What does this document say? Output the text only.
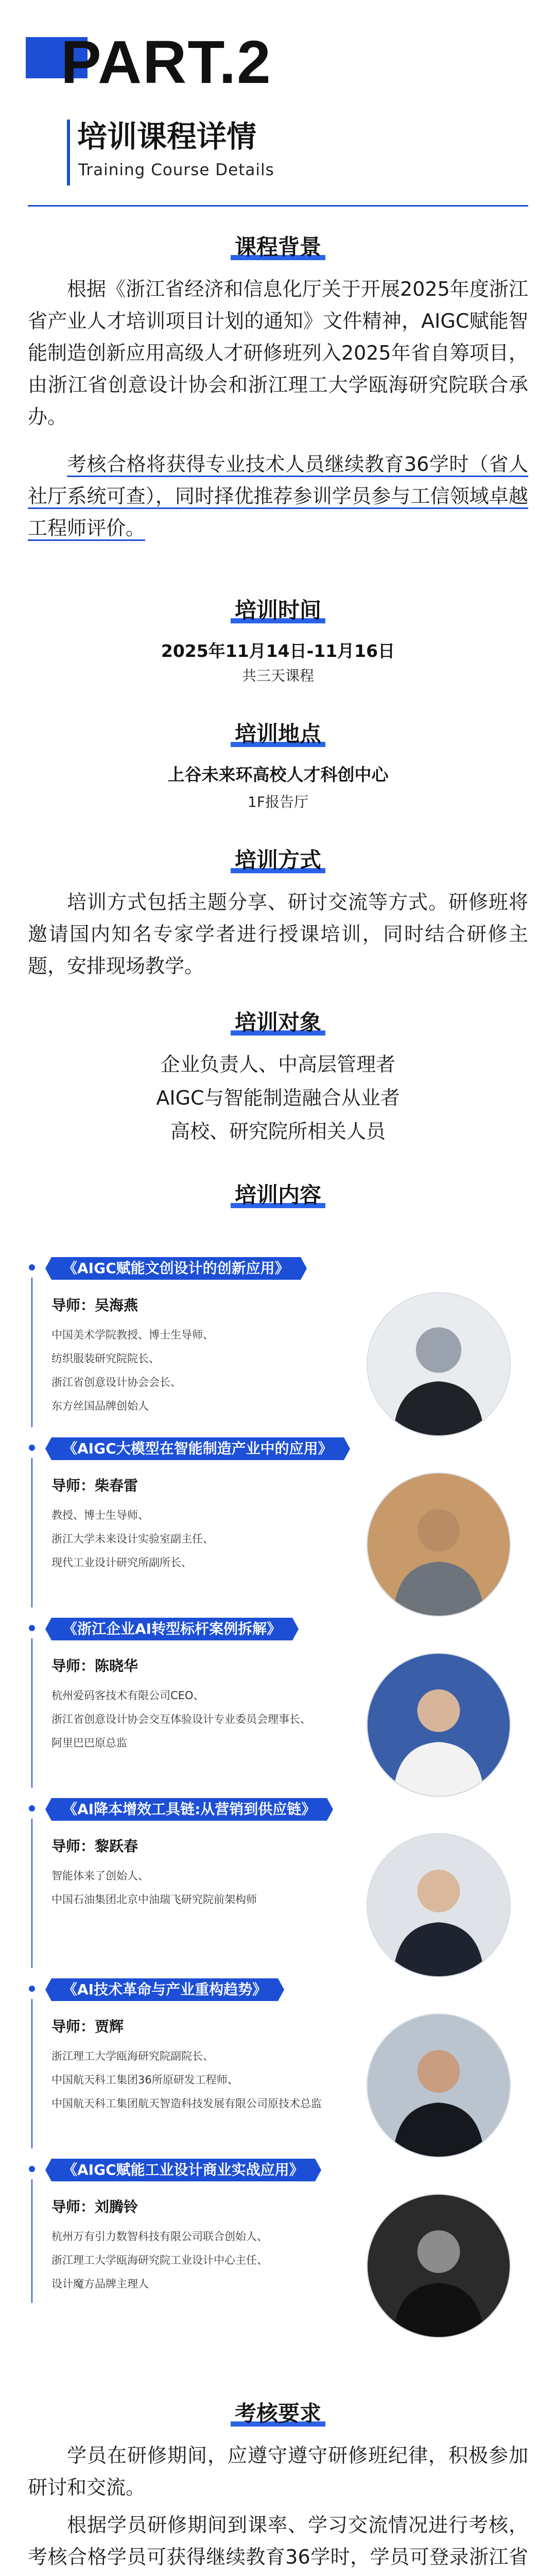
PART.2
培训课程详情
Training Course Details
课程背景
根据《浙江省经济和信息化厅关于开展2025年度浙江省产业人才培训项目计划的通知》文件精神，AIGC赋能智能制造创新应用高级人才研修班列入2025年省自筹项目，由浙江省创意设计协会和浙江理工大学瓯海研究院联合承办。
考核合格将获得专业技术人员继续教育36学时（省人社厅系统可查），同时择优推荐参训学员参与工信领域卓越工程师评价。
培训时间
2025年11月14日-11月16日
共三天课程
培训地点
上谷未来环高校人才科创中心
1F报告厅
培训方式
培训方式包括主题分享、研讨交流等方式。研修班将邀请国内知名专家学者进行授课培训，同时结合研修主题，安排现场教学。
培训对象
企业负责人、中高层管理者
AIGC与智能制造融合从业者
高校、研究院所相关人员
培训内容
《AIGC赋能文创设计的创新应用》
导师：吴海燕
中国美术学院教授、博士生导师、
纺织服装研究院院长、
浙江省创意设计协会会长、
东方丝国品牌创始人
《AIGC大模型在智能制造产业中的应用》
导师：柴春雷
教授、博士生导师、
浙江大学未来设计实验室副主任、
现代工业设计研究所副所长、
《浙江企业AI转型标杆案例拆解》
导师：陈晓华
杭州爱码客技术有限公司CEO、
浙江省创意设计协会交互体验设计专业委员会理事长、
阿里巴巴原总监
《AI降本增效工具链:从营销到供应链》
导师：黎跃春
智能体来了创始人、
中国石油集团北京中油瑞飞研究院前架构师
《AI技术革命与产业重构趋势》
导师：贾辉
浙江理工大学瓯海研究院副院长、
中国航天科工集团36所原研发工程师、
中国航天科工集团航天智造科技发展有限公司原技术总监
《AIGC赋能工业设计商业实战应用》
导师：刘腾铃
杭州万有引力数智科技有限公司联合创始人、
浙江理工大学瓯海研究院工业设计中心主任、
设计魔方品牌主理人
考核要求
学员在研修期间，应遵守遵守研修班纪律，积极参加研讨和交流。
根据学员研修期间到课率、学习交流情况进行考核，考核合格学员可获得继续教育36学时，学员可登录浙江省
